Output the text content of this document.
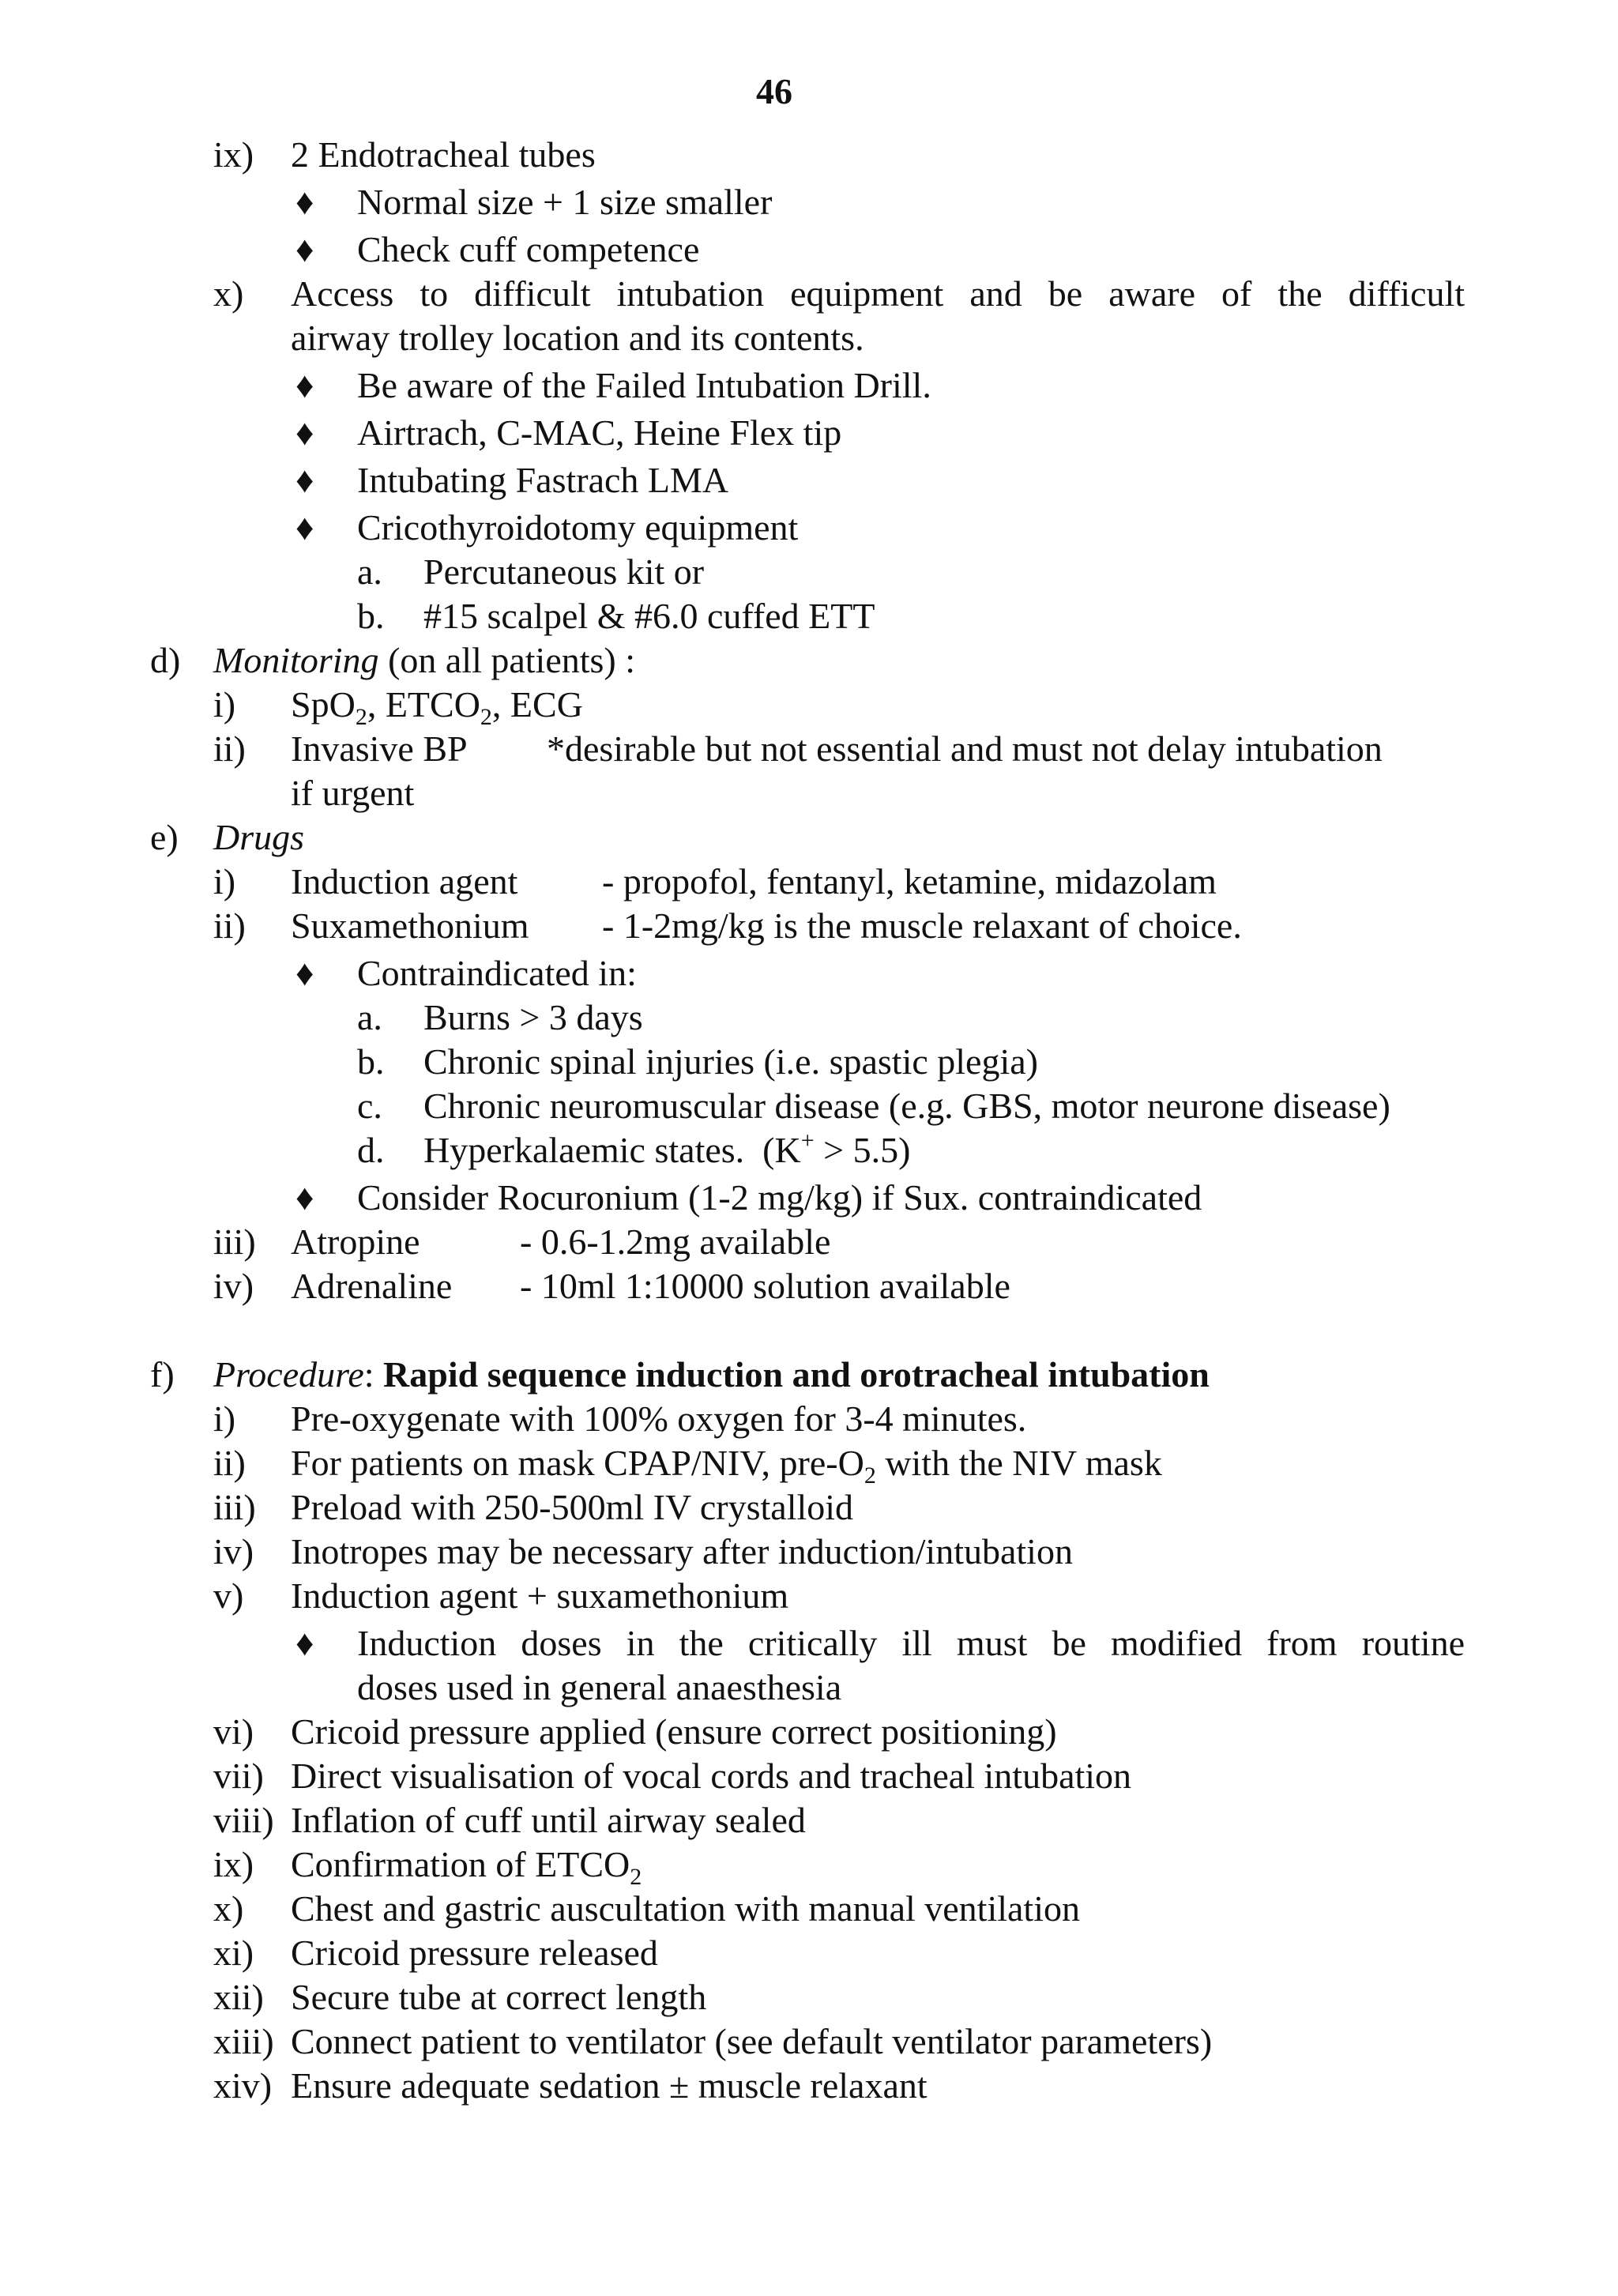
46
ix) 2 Endotracheal tubes
♦ Normal size + 1 size smaller
♦ Check cuff competence
x) Access to difficult intubation equipment and be aware of the difficult
airway trolley location and its contents.
♦ Be aware of the Failed Intubation Drill.
♦ Airtrach, C-MAC, Heine Flex tip
♦ Intubating Fastrach LMA
♦ Cricothyroidotomy equipment
a. Percutaneous kit or
b. #15 scalpel & #6.0 cuffed ETT
d) Monitoring (on all patients) :
i) SpO$_2$, $ETCO_2$, ECG
ii) Invasive BP *desirable but not essential and must not delay intubation
if urgent
e) Drugs
i) Induction agent - propofol, fentanyl, ketamine, midazolam
ii) Suxamethonium - 1-2mg/kg is the muscle relaxant of choice.
♦ Contraindicated in:
a. Burns > 3 days
b. Chronic spinal injuries (i.e. spastic plegia)
c. Chronic neuromuscular disease (e.g. GBS, motor neurone disease)
d. Hyperkalaemic states.  (K+ > 5.5)
♦ Consider Rocuronium (1-2 mg/kg) if Sux. contraindicated
iii) Atropine	- 0.6-1.2mg available
iv) Adrenaline - 10ml 1:10000 solution available
f) Procedure: Rapid sequence induction and orotracheal intubation
i) Pre-oxygenate with 100% oxygen for 3-4 minutes.
ii) For patients on mask CPAP/NIV, pre-$O_2$ with the NIV mask
iii) Preload with 250-500ml IV crystalloid
iv) Inotropes may be necessary after induction/intubation
v) Induction agent + suxamethonium
♦ Induction doses in the critically ill must be modified from routine
doses used in general anaesthesia
vi) Cricoid pressure applied (ensure correct positioning)
vii) Direct visualisation of vocal cords and tracheal intubation
viii) Inflation of cuff until airway sealed
ix) Confirmation of $ETCO_2$
x) Chest and gastric auscultation with manual ventilation
xi) Cricoid pressure released
xii) Secure tube at correct length
xiii) Connect patient to ventilator (see default ventilator parameters)
xiv) Ensure adequate sedation ± muscle relaxant
